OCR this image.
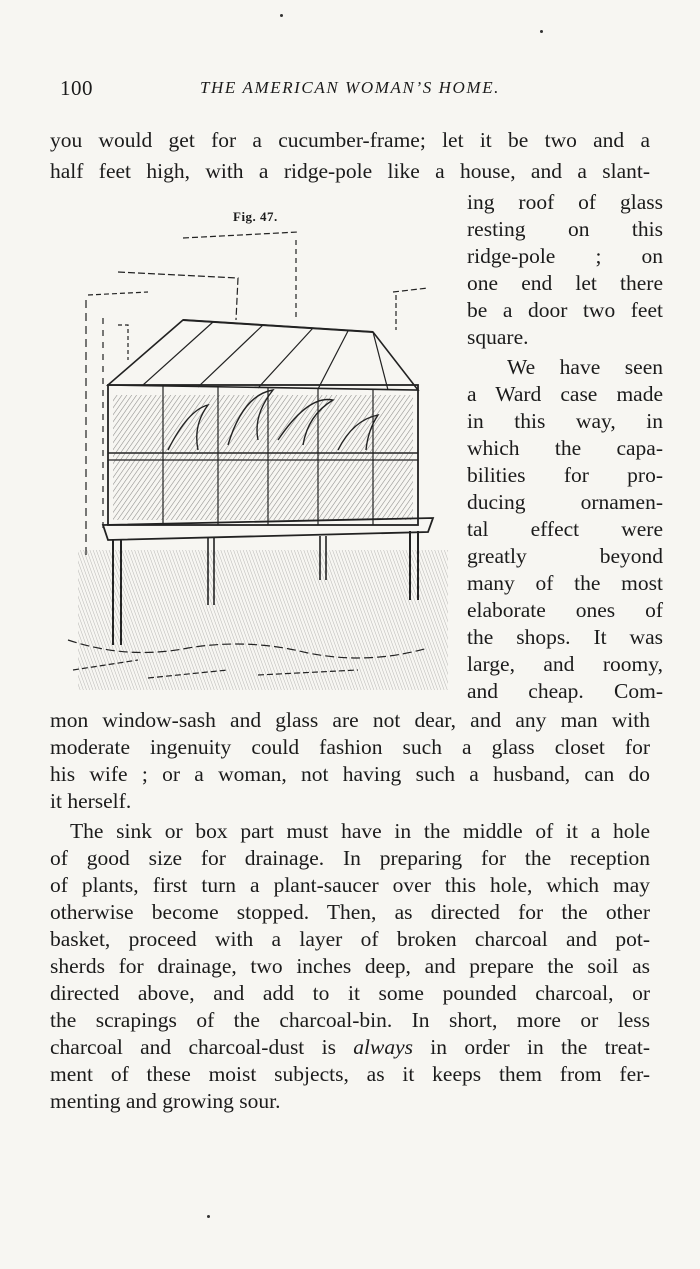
100	THE AMERICAN WOMAN’S HOME.
you would get for a cucumber-frame; let it be two and a
half feet high, with a ridge-pole like a house, and a slant-
Fig. 47.
ing roof of glass
resting on this
ridge-pole ; on
one end let there
be a door two feet
square.
We have seen
a Ward case made
in this way, in
which the capa-
bilities for pro-
ducing ornamen-
tal effect were
greatly beyond
many of the most
elaborate ones of
the shops. It was
large, and roomy,
and cheap. Com-
mon window-sash and glass are not dear, and any man with
moderate ingenuity could fashion such a glass closet for
his wife ; or a woman, not having such a husband, can do
it herself.
The sink or box part must have in the middle of it a hole
of good size for drainage. In preparing for the reception
of plants, first turn a plant-saucer over this hole, which may
otherwise become stopped. Then, as directed for the other
basket, proceed with a layer of broken charcoal and pot-
sherds for drainage, two inches deep, and prepare the soil as
directed above, and add to it some pounded charcoal, or
the scrapings of the charcoal-bin. In short, more or less
charcoal and charcoal-dust is always in order in the treat-
ment of these moist subjects, as it keeps them from fer-
menting and growing sour.
